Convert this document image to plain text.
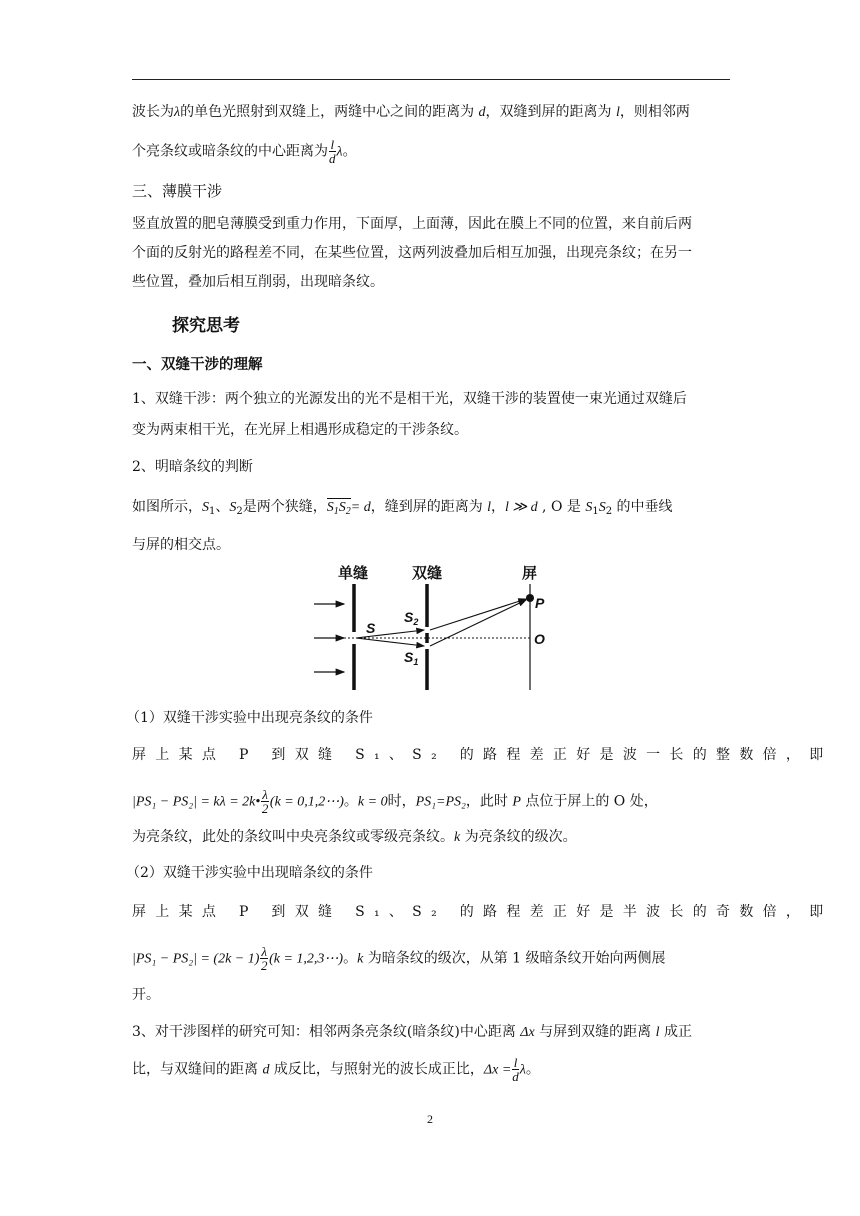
波长为λ的单色光照射到双缝上，两缝中心之间的距离为 d，双缝到屏的距离为 l，则相邻两
个亮条纹或暗条纹的中心距离为 $\frac{l}{d}$ λ。
三、薄膜干涉
竖直放置的肥皂薄膜受到重力作用，下面厚，上面薄，因此在膜上不同的位置，来自前后两
个面的反射光的路程差不同，在某些位置，这两列波叠加后相互加强，出现亮条纹；在另一
些位置，叠加后相互削弱，出现暗条纹。
探究思考
一、双缝干涉的理解
1、双缝干涉：两个独立的光源发出的光不是相干光，双缝干涉的装置使一束光通过双缝后
变为两束相干光，在光屏上相遇形成稳定的干涉条纹。
2、明暗条纹的判断
如图所示，$S_1$、$S_2$是两个狭缝，$S_1S_2= d$，缝到屏的距离为 l，l ≫ d , O 是 $S_1S_2$ 的中垂线
与屏的相交点。
单缝	双缝	屏
P
O
S
$S_2$
$S_1$
（1）双缝干涉实验中出现亮条纹的条件
屏上某点 P 到双缝 S₁、S₂ 的路程差正好是波一长的整数倍，即
|PS₁ − PS₂| = kλ = 2k• $\frac{\lambda}{2} (k$ = 0,1,2⋯)。k = 0时，PS₁=PS₂，此时 P 点位于屏上的 O 处，
为亮条纹，此处的条纹叫中央亮条纹或零级亮条纹。k 为亮条纹的级次。
（2）双缝干涉实验中出现暗条纹的条件
屏上某点 P 到双缝 S₁、S₂ 的路程差正好是半波长的奇数倍，即
$|PS_1 - PS_2| = (2k - 1) \frac{\lambda}{2} (k$ = 1,2,3⋯)。k 为暗条纹的级次，从第 1 级暗条纹开始向两侧展
开。
3、对干涉图样的研究可知：相邻两条亮条纹(暗条纹)中心距离 Δx 与屏到双缝的距离 l 成正
比，与双缝间的距离 d 成反比，与照射光的波长成正比，$\Delta x = \frac{l}{d}$ λ。
2
